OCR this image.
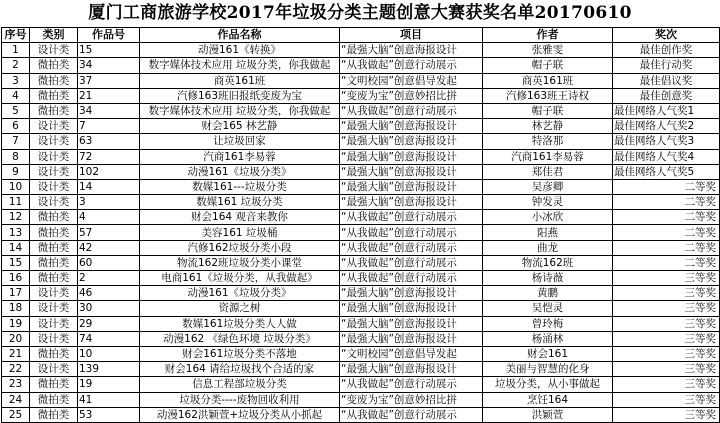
厦门工商旅游学校2017年垃圾分类主题创意大赛获奖名单20170610
序号	类别	作品号	作品名称	项目	作者	奖次
1	设计类	15	动漫161《转换》	“最强大脑”创意海报设计	张雅雯	最佳创作奖
2	微拍类	34	数字媒体技术应用 垃圾分类，你我做起	“从我做起”创意行动展示	帽子联	最佳行动奖
3	微拍类	37	商英161班	“文明校园”创意倡导发起	商英161班	最佳倡议奖
4	微拍类	21	汽修163班旧报纸变废为宝	“变废为宝”创意妙招比拼	汽修163班王诗权	最佳创意奖
5	微拍类	34	数字媒体技术应用 垃圾分类，你我做起	“从我做起”创意行动展示	帽子联	最佳网络人气奖1
6	设计类	7	财会165 林艺静	“最强大脑”创意海报设计	林艺静	最佳网络人气奖2
7	设计类	63	让垃圾回家	“最强大脑”创意海报设计	特洛那	最佳网络人气奖3
8	设计类	72	汽商161李易蓉	“最强大脑”创意海报设计	汽商161李易蓉	最佳网络人气奖4
9	设计类	102	动漫161《垃圾分类》	“最强大脑”创意海报设计	郑佳君	最佳网络人气奖5
10	设计类	14	数媒161---垃圾分类	“最强大脑”创意海报设计	吴彦卿	二等奖
11	设计类	3	数媒161 垃圾分类	“最强大脑”创意海报设计	钟发灵	二等奖
12	微拍类	4	财会164 观音来教你	“从我做起”创意行动展示	小冰欣	二等奖
13	微拍类	57	美容161 垃圾桶	“从我做起”创意行动展示	阳燕	二等奖
14	微拍类	42	汽修162垃圾分类小段	“从我做起”创意行动展示	曲龙	二等奖
15	微拍类	60	物流162班垃圾分类小课堂	“从我做起”创意行动展示	物流162班	二等奖
16	微拍类	2	电商161《垃圾分类，从我做起》	“从我做起”创意行动展示	杨诗薇	三等奖
17	设计类	46	动漫161《垃圾分类》	“最强大脑”创意海报设计	黄鹏	三等奖
18	设计类	30	资源之树	“最强大脑”创意海报设计	吴恺灵	三等奖
19	设计类	29	数媒161垃圾分类人人做	“最强大脑”创意海报设计	曾玲梅	三等奖
20	设计类	74	动漫162 《绿色环境 垃圾分类》	“最强大脑”创意海报设计	杨涌林	三等奖
21	微拍类	10	财会161垃圾分类不落地	“文明校园”创意倡导发起	财会161	三等奖
22	设计类	139	财会164 请给垃圾找个合适的家	“最强大脑”创意海报设计	美丽与智慧的化身	三等奖
23	微拍类	19	信息工程部垃圾分类	“从我做起”创意行动展示	垃圾分类，从小事做起	三等奖
24	微拍类	41	垃圾分类----废物回收利用	“变废为宝”创意妙招比拼	烹饪164	三等奖
25	微拍类	53	动漫162洪颖萱+垃圾分类从小抓起	“从我做起”创意行动展示	洪颖萱	三等奖
